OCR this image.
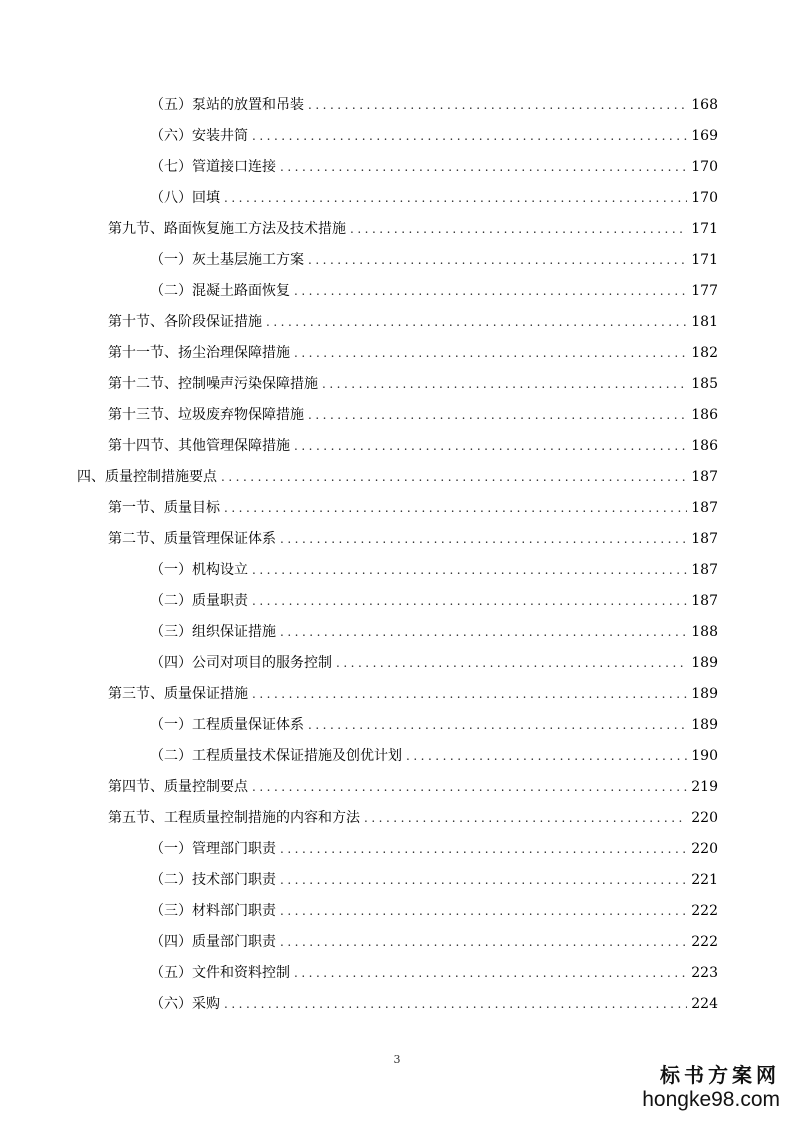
（五）泵站的放置和吊装 .....	168
（六）安装井筒 .....	169
（七）管道接口连接 .....	170
（八）回填 .....	170
第九节、路面恢复施工方法及技术措施 .....	171
（一）灰土基层施工方案 .....	171
（二）混凝土路面恢复 .....	177
第十节、各阶段保证措施 .....	181
第十一节、扬尘治理保障措施 .....	182
第十二节、控制噪声污染保障措施 .....	185
第十三节、垃圾废弃物保障措施 .....	186
第十四节、其他管理保障措施 .....	186
四、质量控制措施要点 .....	187
第一节、质量目标 .....	187
第二节、质量管理保证体系 .....	187
（一）机构设立 .....	187
（二）质量职责 .....	187
（三）组织保证措施 .....	188
（四）公司对项目的服务控制 .....	189
第三节、质量保证措施 .....	189
（一）工程质量保证体系 .....	189
（二）工程质量技术保证措施及创优计划 .....	190
第四节、质量控制要点 .....	219
第五节、工程质量控制措施的内容和方法 .....	220
（一）管理部门职责 .....	220
（二）技术部门职责 .....	221
（三）材料部门职责 .....	222
（四）质量部门职责 .....	222
（五）文件和资料控制 .....	223
（六）采购 .....	224
3
标书方案网
hongke98.com
